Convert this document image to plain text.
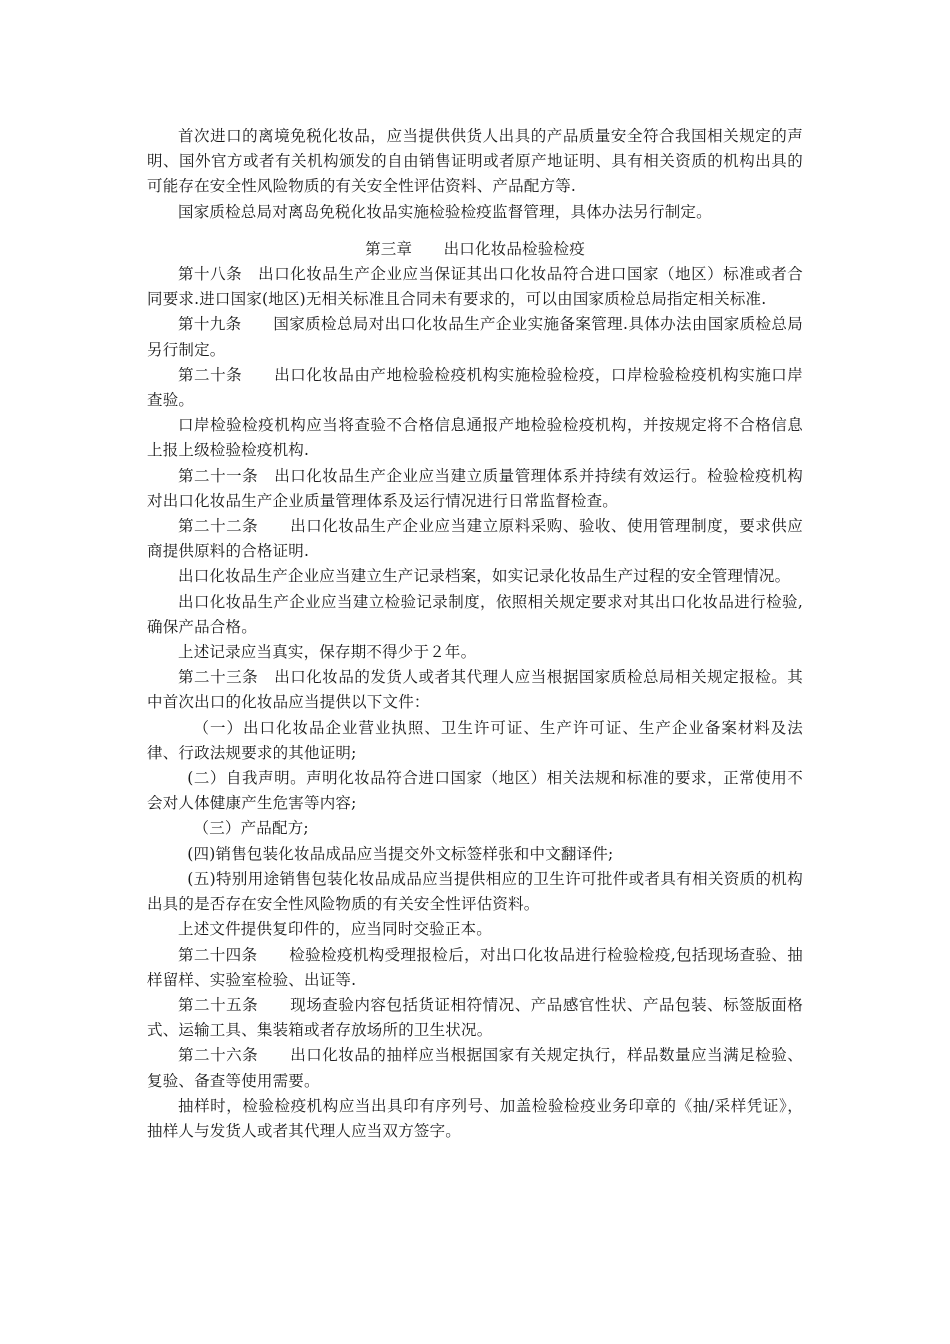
首次进口的离境免税化妆品，应当提供供货人出具的产品质量安全符合我国相关规定的声明、国外官方或者有关机构颁发的自由销售证明或者原产地证明、具有相关资质的机构出具的可能存在安全性风险物质的有关安全性评估资料、产品配方等.

国家质检总局对离岛免税化妆品实施检验检疫监督管理，具体办法另行制定。

第三章　　出口化妆品检验检疫

第十八条　出口化妆品生产企业应当保证其出口化妆品符合进口国家（地区）标准或者合同要求.进口国家(地区)无相关标准且合同未有要求的，可以由国家质检总局指定相关标准.

第十九条　　国家质检总局对出口化妆品生产企业实施备案管理.具体办法由国家质检总局另行制定。

第二十条　　出口化妆品由产地检验检疫机构实施检验检疫，口岸检验检疫机构实施口岸查验。

口岸检验检疫机构应当将查验不合格信息通报产地检验检疫机构，并按规定将不合格信息上报上级检验检疫机构.

第二十一条　出口化妆品生产企业应当建立质量管理体系并持续有效运行。检验检疫机构对出口化妆品生产企业质量管理体系及运行情况进行日常监督检查。

第二十二条　　出口化妆品生产企业应当建立原料采购、验收、使用管理制度，要求供应商提供原料的合格证明.

出口化妆品生产企业应当建立生产记录档案，如实记录化妆品生产过程的安全管理情况。

出口化妆品生产企业应当建立检验记录制度，依照相关规定要求对其出口化妆品进行检验,确保产品合格。

上述记录应当真实，保存期不得少于２年。

第二十三条　出口化妆品的发货人或者其代理人应当根据国家质检总局相关规定报检。其中首次出口的化妆品应当提供以下文件：

（一）出口化妆品企业营业执照、卫生许可证、生产许可证、生产企业备案材料及法律、行政法规要求的其他证明;

(二）自我声明。声明化妆品符合进口国家（地区）相关法规和标准的要求，正常使用不会对人体健康产生危害等内容;

（三）产品配方;

(四)销售包装化妆品成品应当提交外文标签样张和中文翻译件;

(五)特别用途销售包装化妆品成品应当提供相应的卫生许可批件或者具有相关资质的机构出具的是否存在安全性风险物质的有关安全性评估资料。

上述文件提供复印件的，应当同时交验正本。

第二十四条　　检验检疫机构受理报检后，对出口化妆品进行检验检疫,包括现场查验、抽样留样、实验室检验、出证等.

第二十五条　　现场查验内容包括货证相符情况、产品感官性状、产品包装、标签版面格式、运输工具、集装箱或者存放场所的卫生状况。

第二十六条　　出口化妆品的抽样应当根据国家有关规定执行，样品数量应当满足检验、复验、备查等使用需要。

抽样时，检验检疫机构应当出具印有序列号、加盖检验检疫业务印章的《抽/采样凭证》，抽样人与发货人或者其代理人应当双方签字。
